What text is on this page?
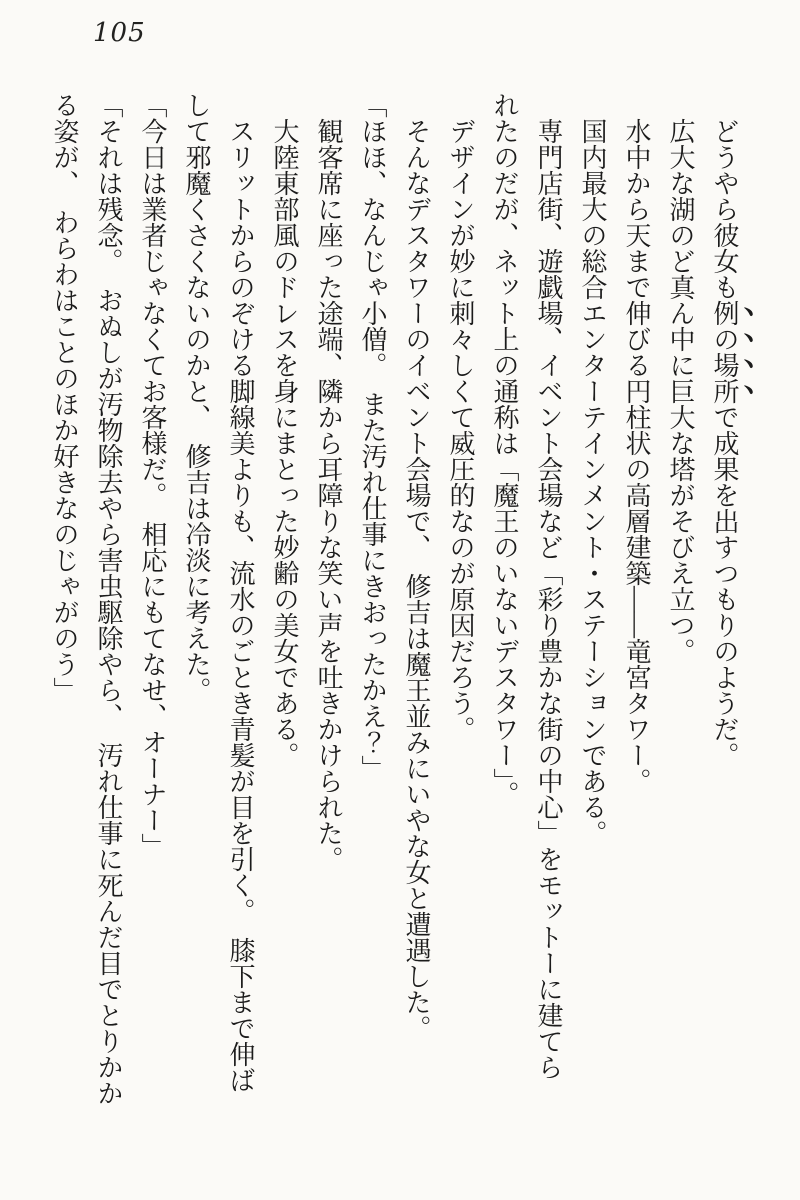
105

どうやら彼女も例の場所で成果を出すつもりのようだ。

広大な湖のど真ん中に巨大な塔がそびえ立つ。

水中から天まで伸びる円柱状の高層建築――竜宮タワー。

国内最大の総合エンターテインメント・ステーションである。

専門店街、遊戯場、イベント会場など「彩り豊かな街の中心」をモットーに建てら

れたのだが、ネット上の通称は「魔王のいないデスタワー」。

デザインが妙に刺々しくて威圧的なのが原因だろう。

そんなデスタワーのイベント会場で、　修吉は魔王並みにいやな女と遭遇した。

「ほほ、なんじゃ小僧。　また汚れ仕事にきおったかえ？」

観客席に座った途端、隣から耳障りな笑い声を吐きかけられた。

大陸東部風のドレスを身にまとった妙齢の美女である。

スリットからのぞける脚線美よりも、流水のごとき青髪が目を引く。　膝下まで伸ば

して邪魔くさくないのかと、　修吉は冷淡に考えた。

「今日は業者じゃなくてお客様だ。　相応にもてなせ、オーナー」

「それは残念。　おぬしが汚物除去やら害虫駆除やら、　汚れ仕事に死んだ目でとりかか

る姿が、　わらわはことのほか好きなのじゃがのう」
